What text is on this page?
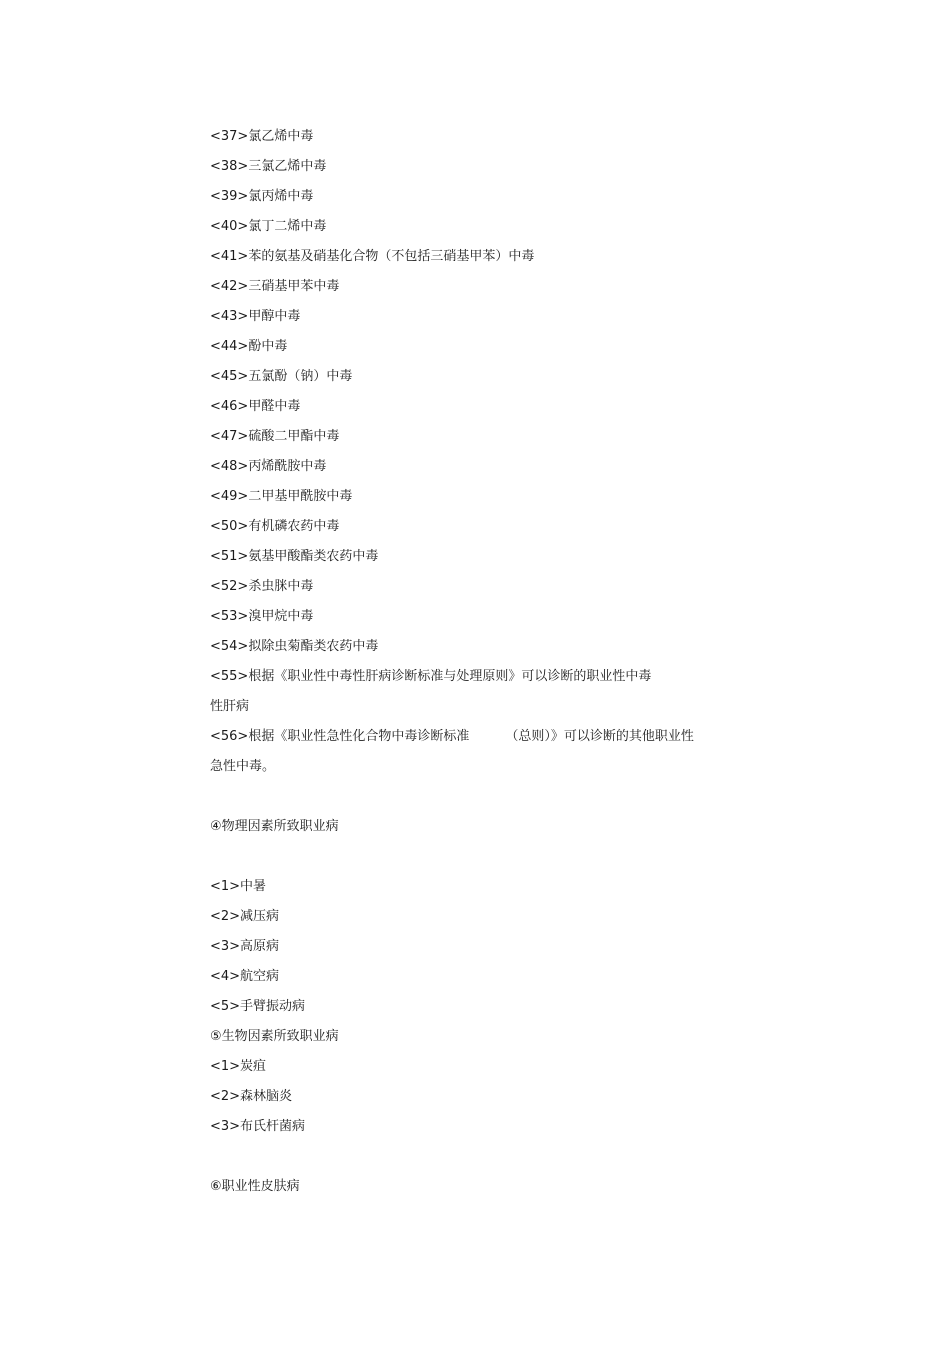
<37>氯乙烯中毒
<38>三氯乙烯中毒
<39>氯丙烯中毒
<40>氯丁二烯中毒
<41>苯的氨基及硝基化合物（不包括三硝基甲苯）中毒
<42>三硝基甲苯中毒
<43>甲醇中毒
<44>酚中毒
<45>五氯酚（钠）中毒
<46>甲醛中毒
<47>硫酸二甲酯中毒
<48>丙烯酰胺中毒
<49>二甲基甲酰胺中毒
<50>有机磷农药中毒
<51>氨基甲酸酯类农药中毒
<52>杀虫脒中毒
<53>溴甲烷中毒
<54>拟除虫菊酯类农药中毒
<55>根据《职业性中毒性肝病诊断标准与处理原则》可以诊断的职业性中毒
性肝病
<56>根据《职业性急性化合物中毒诊断标准	（总则）》可以诊断的其他职业性
急性中毒。
④物理因素所致职业病
<1>中暑
<2>减压病
<3>高原病
<4>航空病
<5>手臂振动病
⑤生物因素所致职业病
<1>炭疽
<2>森林脑炎
<3>布氏杆菌病
⑥职业性皮肤病
